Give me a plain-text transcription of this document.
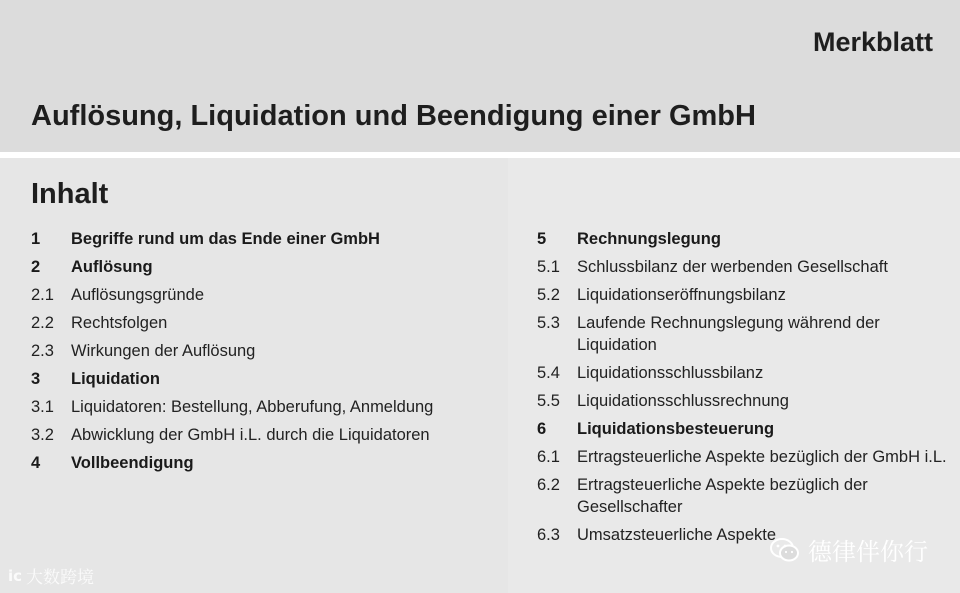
Merkblatt
Auflösung, Liquidation und Beendigung einer GmbH
Inhalt
1	Begriffe rund um das Ende einer GmbH
2	Auflösung
2.1	Auflösungsgründe
2.2	Rechtsfolgen
2.3	Wirkungen der Auflösung
3	Liquidation
3.1	Liquidatoren: Bestellung, Abberufung, Anmeldung
3.2	Abwicklung der GmbH i.L. durch die Liquidatoren
4	Vollbeendigung
5	Rechnungslegung
5.1	Schlussbilanz der werbenden Gesellschaft
5.2	Liquidationseröffnungsbilanz
5.3	Laufende Rechnungslegung während der Liquidation
5.4	Liquidationsschlussbilanz
5.5	Liquidationsschlussrechnung
6	Liquidationsbesteuerung
6.1	Ertragsteuerliche Aspekte bezüglich der GmbH i.L.
6.2	Ertragsteuerliche Aspekte bezüglich der Gesellschafter
6.3	Umsatzsteuerliche Aspekte
ic 大数跨境
德律伴你行
